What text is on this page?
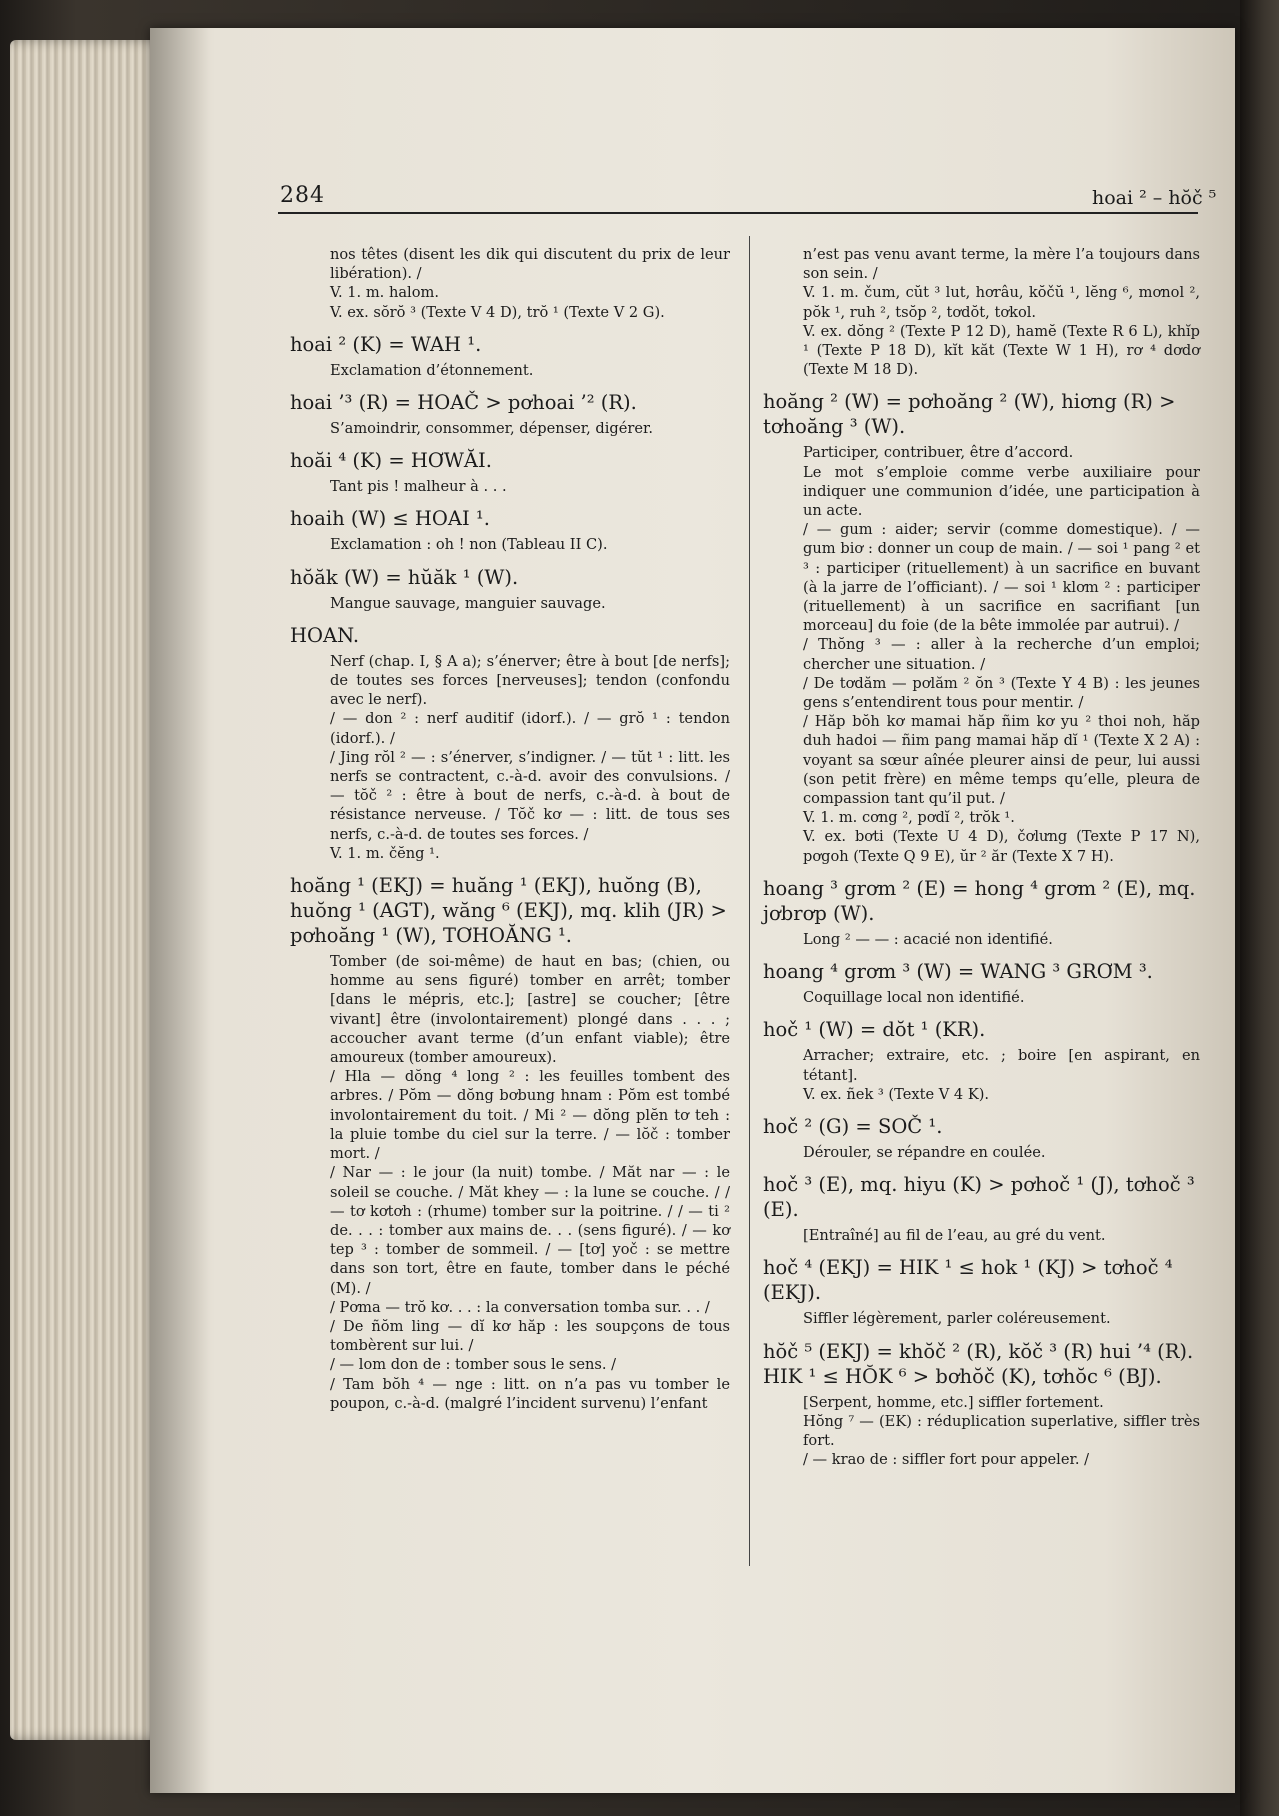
284	hoai ² – hŏč ⁵

nos têtes (disent les dik qui discutent du prix de leur libération). /

V. 1. m. halom.

V. ex. sŏrŏ ³ (Texte V 4 D), trŏ ¹ (Texte V 2 G).

hoai ² (K) = WAH ¹.

Exclamation d’étonnement.

hoai ’³ (R) = HOAČ > pơhoai ’² (R).

S’amoindrir, consommer, dépenser, digérer.

hoăi ⁴ (K) = HƠWĂI.

Tant pis ! malheur à . . .

hoaih (W) ≤ HOAI ¹.

Exclamation : oh ! non (Tableau II C).

hŏăk (W) = hŭăk ¹ (W).

Mangue sauvage, manguier sauvage.

HOAN.

Nerf (chap. I, § A a); s’énerver; être à bout [de nerfs]; de toutes ses forces [nerveuses]; tendon (confondu avec le nerf).

/ — don ² : nerf auditif (idorf.). / — grŏ ¹ : tendon (idorf.). /

/ Jing rŏl ² — : s’énerver, s’indigner. / — tŭt ¹ : litt. les nerfs se contractent, c.-à-d. avoir des convulsions. / — tŏč ² : être à bout de nerfs, c.-à-d. à bout de résistance nerveuse. / Tŏč kơ — : litt. de tous ses nerfs, c.-à-d. de toutes ses forces. /

V. 1. m. čĕng ¹.

hoăng ¹ (EKJ) = huăng ¹ (EKJ), huŏng (B), huŏng ¹ (AGT), wăng ⁶ (EKJ), mq. klih (JR) > pơhoăng ¹ (W), TƠHOĂNG ¹.

Tomber (de soi-même) de haut en bas; (chien, ou homme au sens figuré) tomber en arrêt; tomber [dans le mépris, etc.]; [astre] se coucher; [être vivant] être (involontairement) plongé dans . . . ; accoucher avant terme (d’un enfant viable); être amoureux (tomber amoureux).

/ Hla — dŏng ⁴ long ² : les feuilles tombent des arbres. / Pŏm — dŏng bơbung hnam : Pŏm est tombé involontairement du toit. / Mi ² — dŏng plĕn tơ teh : la pluie tombe du ciel sur la terre. / — lŏč : tomber mort. /

/ Nar — : le jour (la nuit) tombe. / Măt nar — : le soleil se couche. / Măt khey — : la lune se couche. / / — tơ kơtơh : (rhume) tomber sur la poitrine. / / — ti ² de. . . : tomber aux mains de. . . (sens figuré). / — kơ tep ³ : tomber de sommeil. / — [tơ] yoč : se mettre dans son tort, être en faute, tomber dans le péché (M). /

/ Pơma — trŏ kơ. . . : la conversation tomba sur. . . /

/ De ñŏm ling — dĭ kơ hăp : les soupçons de tous tombèrent sur lui. /

/ — lom don de : tomber sous le sens. /

/ Tam bŏh ⁴ — nge : litt. on n’a pas vu tomber le poupon, c.-à-d. (malgré l’incident survenu) l’enfant

n’est pas venu avant terme, la mère l’a toujours dans son sein. /

V. 1. m. čum, cŭt ³ lut, hơrâu, kŏčŭ ¹, lĕng ⁶, mơnol ², pŏk ¹, ruh ², tsŏp ², tơdŏt, tơkol.

V. ex. dŏng ² (Texte P 12 D), hamĕ (Texte R 6 L), khĭp ¹ (Texte P 18 D), kĭt kăt (Texte W 1 H), rơ ⁴ dơdơ (Texte M 18 D).

hoăng ² (W) = pơhoăng ² (W), hiơng (R) > tơhoăng ³ (W).

Participer, contribuer, être d’accord.

Le mot s’emploie comme verbe auxiliaire pour indiquer une communion d’idée, une participation à un acte.

/ — gum : aider; servir (comme domestique). / — gum biơ : donner un coup de main. / — soi ¹ pang ² et ³ : participer (rituellement) à un sacrifice en buvant (à la jarre de l’officiant). / — soi ¹ klơm ² : participer (rituellement) à un sacrifice en sacrifiant [un morceau] du foie (de la bête immolée par autrui). /

/ Thŏng ³ — : aller à la recherche d’un emploi; chercher une situation. /

/ De tơdăm — pơlăm ² ŏn ³ (Texte Y 4 B) : les jeunes gens s’entendirent tous pour mentir. /

/ Hăp bŏh kơ mamai hăp ñim kơ yu ² thoi noh, hăp duh hadoi — ñim pang mamai hăp dĭ ¹ (Texte X 2 A) : voyant sa sœur aînée pleurer ainsi de peur, lui aussi (son petit frère) en même temps qu’elle, pleura de compassion tant qu’il put. /

V. 1. m. cơng ², pơdĭ ², trŏk ¹.

V. ex. bơti (Texte U 4 D), čơlưng (Texte P 17 N), pơgoh (Texte Q 9 E), ŭr ² ăr (Texte X 7 H).

hoang ³ grơm ² (E) = hong ⁴ grơm ² (E), mq. jơbrơp (W).

Long ² — — : acacié non identifié.

hoang ⁴ grơm ³ (W) = WANG ³ GRƠM ³.

Coquillage local non identifié.

hoč ¹ (W) = dŏt ¹ (KR).

Arracher; extraire, etc. ; boire [en aspirant, en tétant].

V. ex. ñek ³ (Texte V 4 K).

hoč ² (G) = SOČ ¹.

Dérouler, se répandre en coulée.

hoč ³ (E), mq. hiyu (K) > pơhoč ¹ (J), tơhoč ³ (E).

[Entraîné] au fil de l’eau, au gré du vent.

hoč ⁴ (EKJ) = HIK ¹ ≤ hok ¹ (KJ) > tơhoč ⁴ (EKJ).

Siffler légèrement, parler coléreusement.

hŏč ⁵ (EKJ) = khŏč ² (R), kŏč ³ (R) hui ’⁴ (R). HIK ¹ ≤ HŎK ⁶ > bơhŏč (K), tơhŏc ⁶ (BJ).

[Serpent, homme, etc.] siffler fortement.

Hŏng ⁷ — (EK) : réduplication superlative, siffler très fort.

/ — krao de : siffler fort pour appeler. /
